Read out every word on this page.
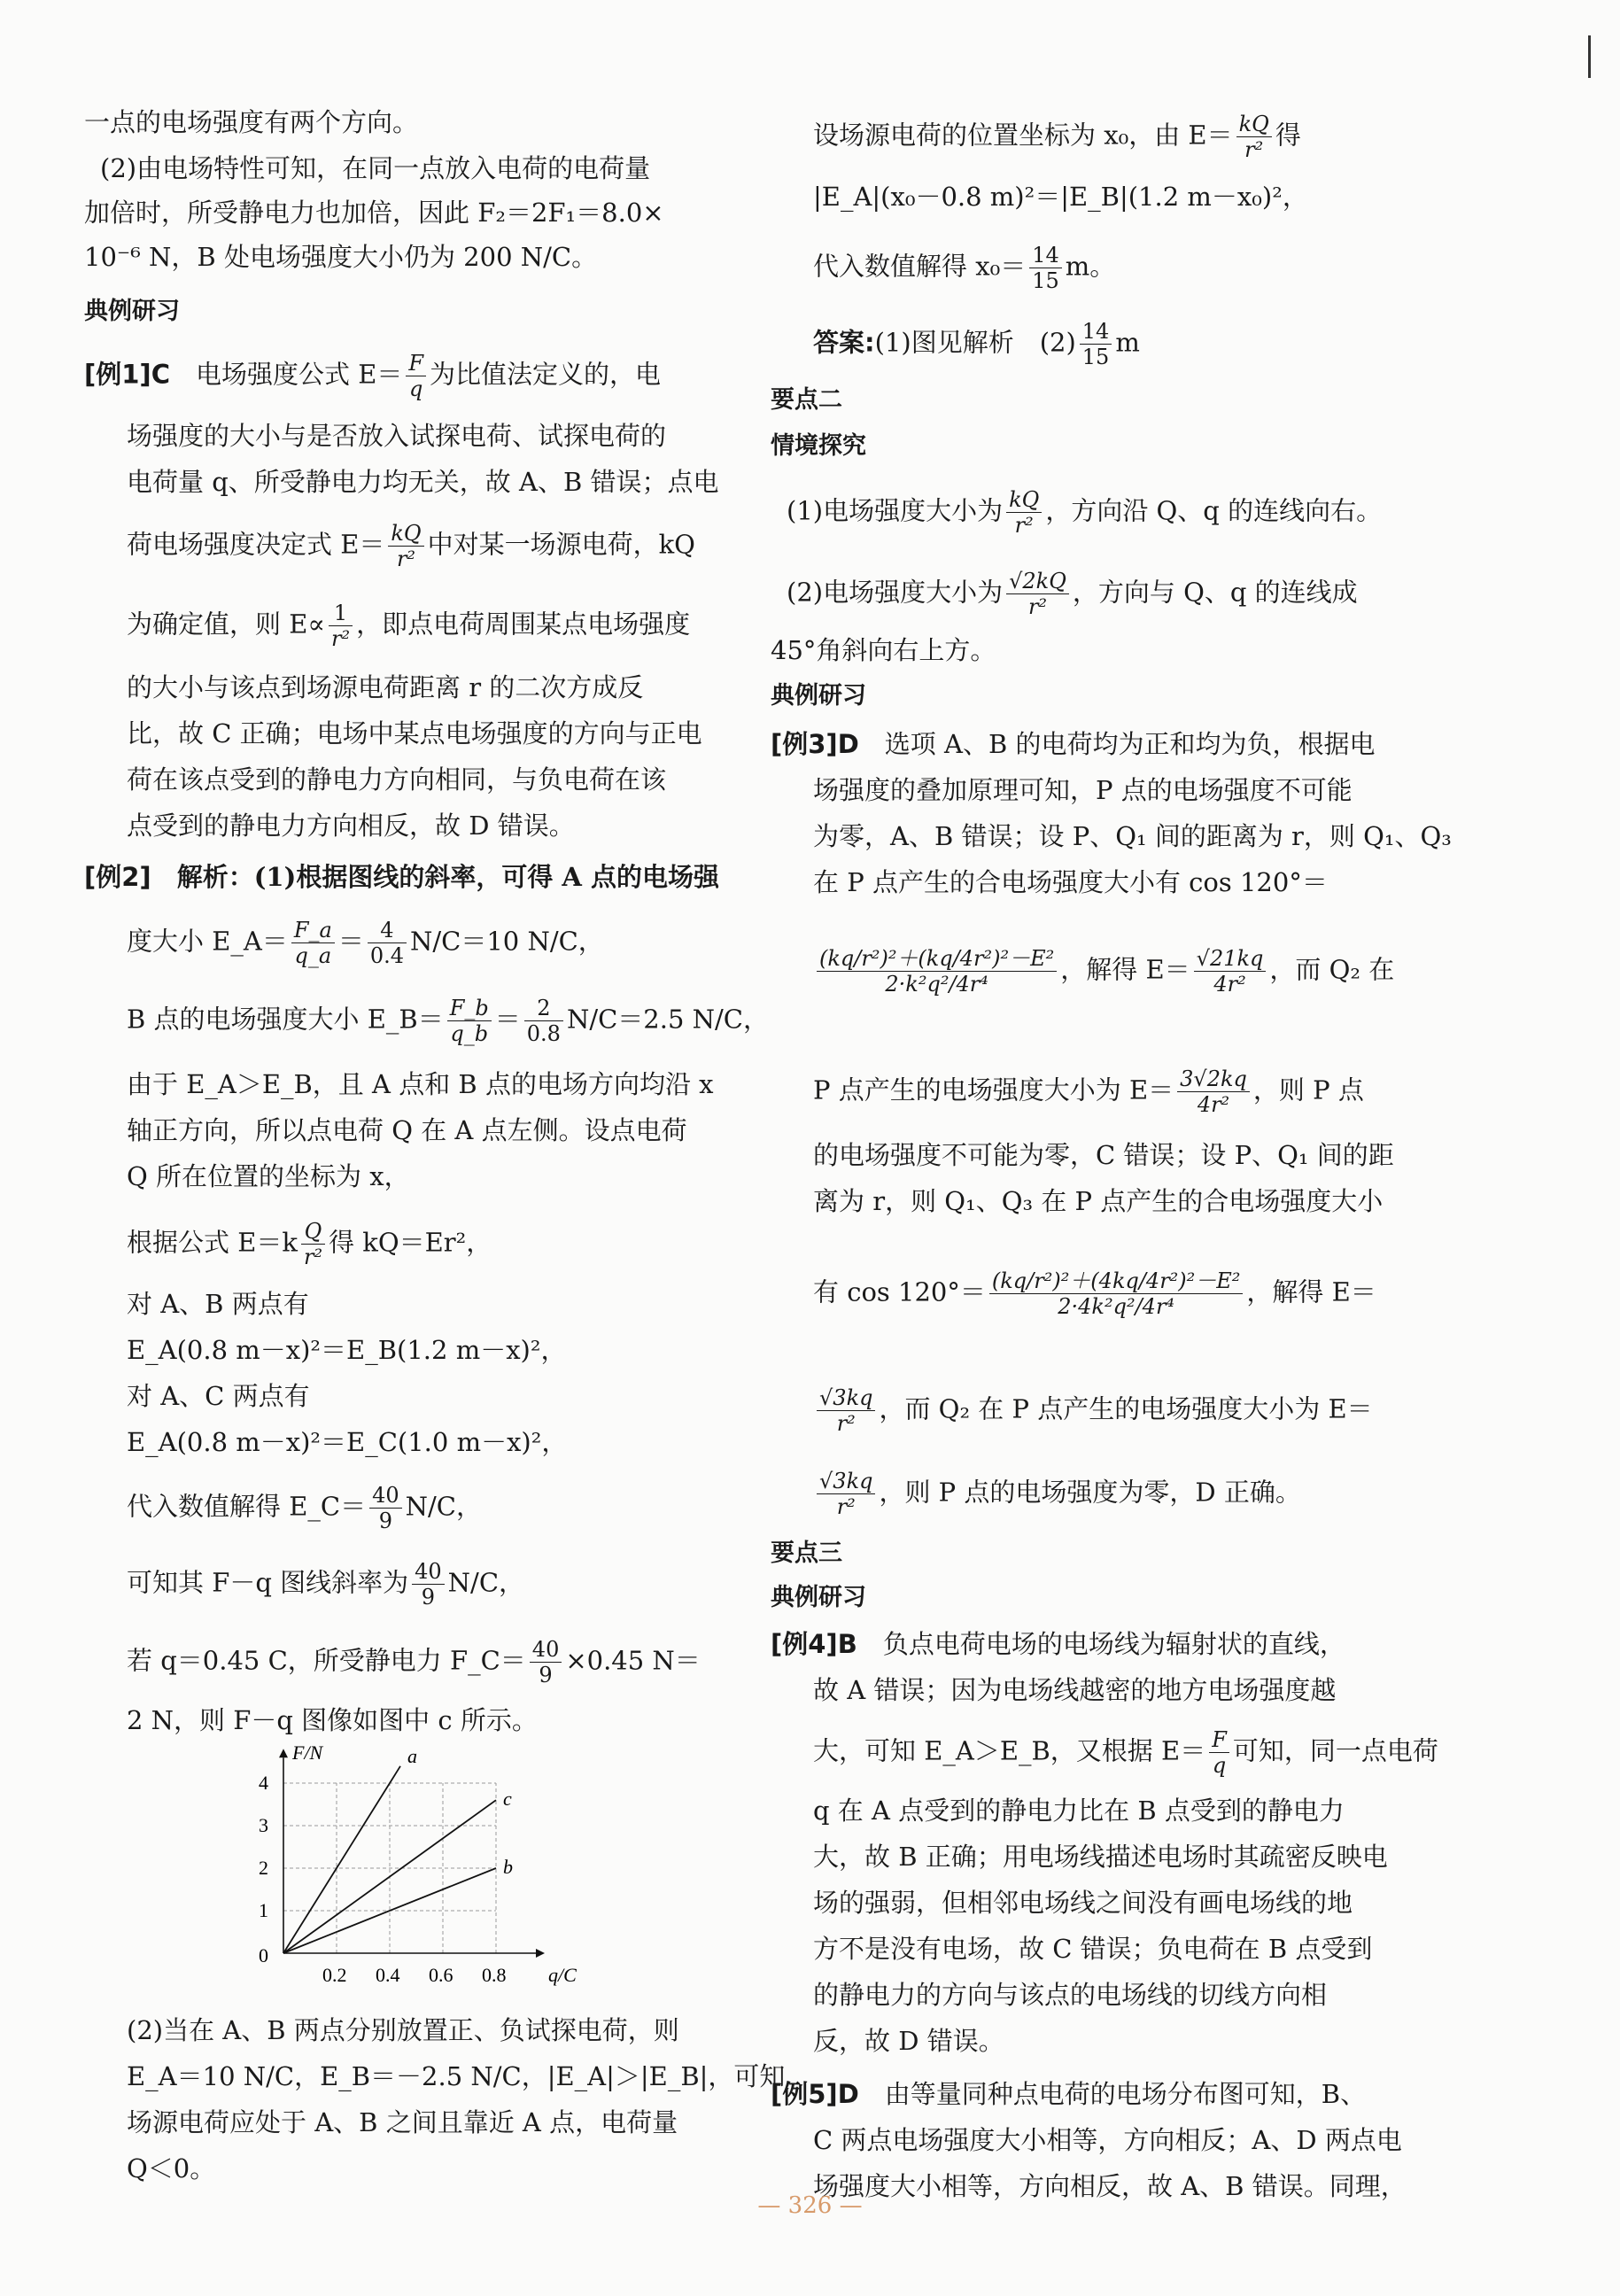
一点的电场强度有两个方向。
(2)由电场特性可知，在同一点放入电荷的电荷量
加倍时，所受静电力也加倍，因此 F₂＝2F₁＝8.0×
10⁻⁶ N，B 处电场强度大小仍为 200 N/C。
典例研习
[例1]C　 电场强度公式 $E= \frac{F}{q}$ 为比值法定义的，电
场强度的大小与是否放入试探电荷、试探电荷的
电荷量 q、所受静电力均无关，故 A、B 错误；点电
荷电场强度决定式 $E= \frac{kQ}{\text{r²}}$ 中对某一场源电荷，kQ
为确定值，则 $E\propto \frac{1}{\text{r²}}$ ，即点电荷周围某点电场强度
的大小与该点到场源电荷距离 r 的二次方成反
比，故 C 正确；电场中某点电场强度的方向与正电
荷在该点受到的静电力方向相同，与负电荷在该
点受到的静电力方向相反，故 D 错误。
[例2]　 解析：(1)根据图线的斜率，可得 A 点的电场强
度大小 E_A＝ $\frac{F\_a}{q\_a} = \frac{4}{0.4} N/C=10$ N/C，
B 点的电场强度大小 E_B＝ $\frac{F\_b}{q\_b} = \frac{2}{0.8} N/C=2.5$ N/C，
由于 E_A＞E_B，且 A 点和 B 点的电场方向均沿 x
轴正方向，所以点电荷 Q 在 A 点左侧。设点电荷
Q 所在位置的坐标为 x，
根据公式 $E=k \frac{Q}{\text{r²}}$ 得 kQ＝Er²，
对 A、B 两点有
E_A(0.8 m－x)²＝E_B(1.2 m－x)²，
对 A、C 两点有
E_A(0.8 m－x)²＝E_C(1.0 m－x)²，
代入数值解得 E_C＝ $\frac{40}{9} N/C$，
可知其 F－q 图线斜率为 $\frac{40}{9} N/C$，
若 q＝0.45 C，所受静电力 F_C＝ $\frac{40}{9} \times 0.45$ N＝
2 N，则 F－q 图像如图中 c 所示。
(2)当在 A、B 两点分别放置正、负试探电荷，则
E_A＝10 N/C，E_B＝－2.5 N/C，|E_A|＞|E_B|，可知
场源电荷应处于 A、B 之间且靠近 A 点，电荷量
Q＜0。
1
2
3
4
0.2 0.4 0.6 0.8
0
F/N
q/C
a
c
b
设场源电荷的位置坐标为 x₀，由 $E= \frac{kQ}{\text{r²}}$ 得
|E_A|(x₀－0.8 m)²＝|E_B|(1.2 m－x₀)²，
代入数值解得 $x_0= \frac{14}{15}$ m。
答案:(1)图见解析　$(2) \frac{14}{15}$ m
要点二
情境探究
(1)电场强度大小为 $\frac{kQ}{\text{r²}}$ ，方向沿 Q、q 的连线向右。
(2)电场强度大小为 $\frac{√2kQ}{\text{r²}}$ ，方向与 Q、q 的连线成
45°角斜向右上方。
典例研习
[例3]D　 选项 A、B 的电荷均为正和均为负，根据电
场强度的叠加原理可知，P 点的电场强度不可能
为零，A、B 错误；设 P、Q₁ 间的距离为 r，则 Q₁、Q₃
在 P 点产生的合电场强度大小有 cos 120°＝
$\frac{\text{(kq/r²)²＋(kq/4r²)²－E²}}{\text{2·k²q²/4r⁴}}$ ，解得 $E= \frac{√21kq}{\text{4r²}}$ ，而 Q₂ 在
P 点产生的电场强度大小为 $E= \frac{3√2kq}{\text{4r²}}$ ，则 P 点
的电场强度不可能为零，C 错误；设 P、Q₁ 间的距
离为 r，则 Q₁、Q₃ 在 P 点产生的合电场强度大小
有 $\cos 120^\circ= \frac{\text{(kq/r²)²＋(4kq/4r²)²－E²}}{\text{2·4k²q²/4r⁴}}$ ，解得 E＝
$\frac{√3kq}{\text{r²}}$ ，而 Q₂ 在 P 点产生的电场强度大小为 E＝
$\frac{√3kq}{\text{r²}}$ ，则 P 点的电场强度为零，D 正确。
要点三
典例研习
[例4]B　 负点电荷电场的电场线为辐射状的直线，
故 A 错误；因为电场线越密的地方电场强度越
大，可知 E_A＞E_B，又根据 $E= \frac{F}{q}$ 可知，同一点电荷
q 在 A 点受到的静电力比在 B 点受到的静电力
大，故 B 正确；用电场线描述电场时其疏密反映电
场的强弱，但相邻电场线之间没有画电场线的地
方不是没有电场，故 C 错误；负电荷在 B 点受到
的静电力的方向与该点的电场线的切线方向相
反，故 D 错误。
[例5]D　 由等量同种点电荷的电场分布图可知，B、
C 两点电场强度大小相等，方向相反；A、D 两点电
场强度大小相等，方向相反，故 A、B 错误。同理，
— 326 —
